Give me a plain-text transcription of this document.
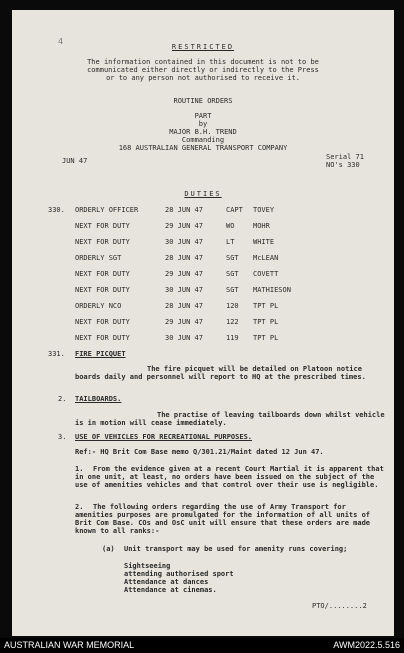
4
RESTRICTED
The information contained in this document is not to be
communicated either directly or indirectly to the Press
or to any person not authorised to receive it.
ROUTINE ORDERS
PART
by
MAJOR B.H. TREND
Commanding
168 AUSTRALIAN GENERAL TRANSPORT COMPANY
JUN 47	Serial 71
NO's 330
DUTIES
330. ORDERLY OFFICER	28 JUN 47	CAPT TOVEY
NEXT FOR DUTY	29 JUN 47	WO	MOHR
NEXT FOR DUTY	30 JUN 47	LT	WHITE
ORDERLY SGT	28 JUN 47	SGT McLEAN
NEXT FOR DUTY	29 JUN 47	SGT COVETT
NEXT FOR DUTY	30 JUN 47	SGT MATHIESON
ORDERLY NCO	28 JUN 47	120 TPT PL
NEXT FOR DUTY	29 JUN 47	122 TPT PL
NEXT FOR DUTY	30 JUN 47	119 TPT PL
331. FIRE PICQUET
The fire picquet will be detailed on Platoon notice boards daily and personnel will report to HQ at the prescribed times.
2. TAILBOARDS.
The practise of leaving tailboards down whilst vehicle is in motion will cease immediately.
3. USE OF VEHICLES FOR RECREATIONAL PURPOSES.
Ref:- HQ Brit Com Base memo Q/301.21/Maint dated 12 Jun 47.
1.	From the evidence given at a recent Court Martial it is apparent that in one unit, at least, no orders have been issued on the subject of the use of amenities vehicles and that control over their use is negligible.
2.	The following orders regarding the use of Army Transport for amenities purposes are promulgated for the information of all units of Brit Com Base. COs and OsC unit will ensure that these orders are made known to all ranks:-
(a) Unit transport may be used for amenity runs covering;
Sightseeing
attending authorised sport
Attendance at dances
Attendance at cinemas.
PTO/........2
AUSTRALIAN WAR MEMORIAL	AWM2022.5.516
